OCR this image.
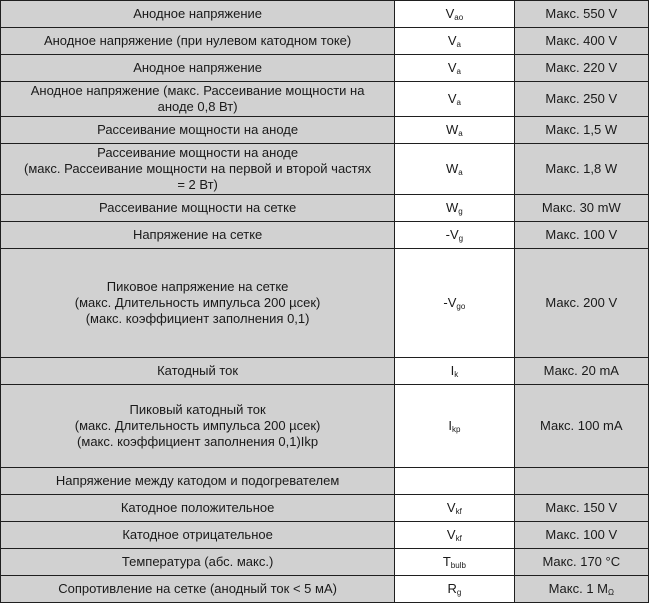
Анодное напряжение	$V_{ao}$	Макс. 550 V

Анодное напряжение (при нулевом катодном токе)	$V_a$	Макс. 400 V

Анодное напряжение	$V_a$	Макс. 220 V

Анодное напряжение (макс. Рассеивание мощности на
аноде 0,8 Вт)	$V_a$	Макс. 250 V

Рассеивание мощности на аноде	$W_a$	Макс. 1,5 W

Рассеивание мощности на аноде
(макс. Рассеивание мощности на первой и второй частях
= 2 Вт)	$W_a$	Макс. 1,8 W

Рассеивание мощности на сетке	$W_g$	Макс. 30 mW

Напряжение на сетке	$-V_g$	Макс. 100 V

Пиковое напряжение на сетке
(макс. Длительность импульса 200 µсек)
(макс. коэффициент заполнения 0,1)	$-V_{go}$	Макс. 200 V

Катодный ток	$I_k$	Макс. 20 mA

Пиковый катодный ток
(макс. Длительность импульса 200 µсек)
(макс. коэффициент заполнения 0,1)Ikp	$I_{kp}$	Макс. 100 mA

Напряжение между катодом и подогревателем		

Катодное положительное	$V_{kf}$	Макс. 150 V

Катодное отрицательное	$V_{kf}$	Макс. 100 V

Температура (абс. макс.)	$T_{bulb}$	Макс. 170 °C

Сопротивление на сетке (анодный ток < 5 мА)	$R_g$	Макс. 1 $M_\Omega$
